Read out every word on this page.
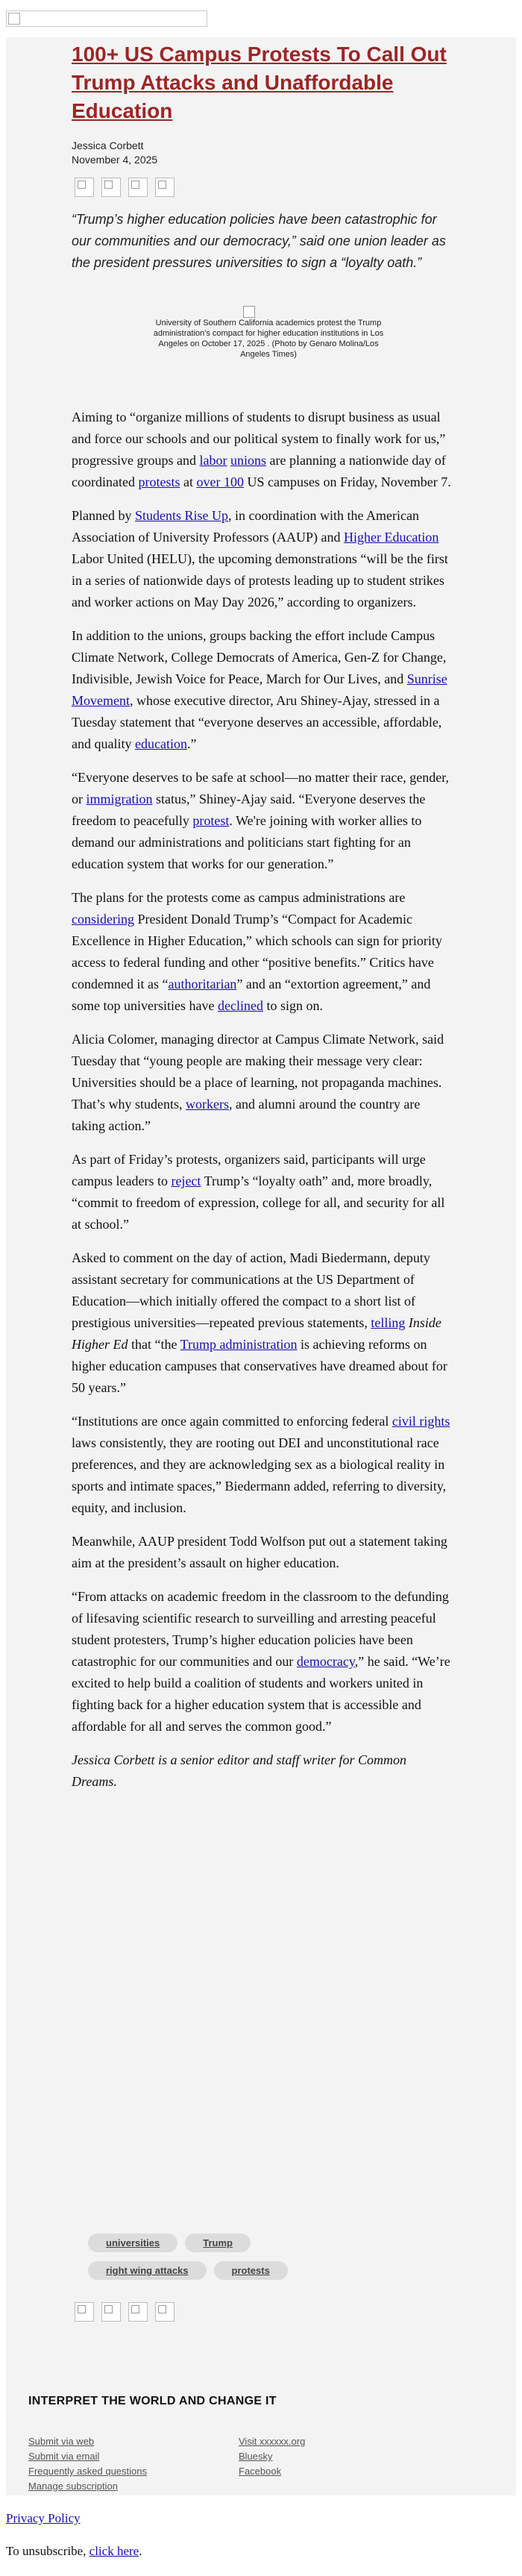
100+ US Campus Protests To Call Out Trump Attacks and Unaffordable Education
Jessica Corbett
November 4, 2025

“Trump’s higher education policies have been catastrophic for our communities and our democracy,” said one union leader as the president pressures universities to sign a “loyalty oath.”

University of Southern California academics protest the Trump administration's compact for higher education institutions in Los Angeles on October 17, 2025 . (Photo by Genaro Molina/Los Angeles Times)

Aiming to “organize millions of students to disrupt business as usual and force our schools and our political system to finally work for us,” progressive groups and labor unions are planning a nationwide day of coordinated protests at over 100 US campuses on Friday, November 7.

Planned by Students Rise Up, in coordination with the American Association of University Professors (AAUP) and Higher Education Labor United (HELU), the upcoming demonstrations “will be the first in a series of nationwide days of protests leading up to student strikes and worker actions on May Day 2026,” according to organizers.

In addition to the unions, groups backing the effort include Campus Climate Network, College Democrats of America, Gen-Z for Change, Indivisible, Jewish Voice for Peace, March for Our Lives, and Sunrise Movement, whose executive director, Aru Shiney-Ajay, stressed in a Tuesday statement that “everyone deserves an accessible, affordable, and quality education.”

“Everyone deserves to be safe at school—no matter their race, gender, or immigration status,” Shiney-Ajay said. “Everyone deserves the freedom to peacefully protest. We're joining with worker allies to demand our administrations and politicians start fighting for an education system that works for our generation.”

The plans for the protests come as campus administrations are considering President Donald Trump’s “Compact for Academic Excellence in Higher Education,” which schools can sign for priority access to federal funding and other “positive benefits.” Critics have condemned it as “authoritarian” and an “extortion agreement,” and some top universities have declined to sign on.

Alicia Colomer, managing director at Campus Climate Network, said Tuesday that “young people are making their message very clear: Universities should be a place of learning, not propaganda machines. That’s why students, workers, and alumni around the country are taking action.”

As part of Friday’s protests, organizers said, participants will urge campus leaders to reject Trump’s “loyalty oath” and, more broadly, “commit to freedom of expression, college for all, and security for all at school.”

Asked to comment on the day of action, Madi Biedermann, deputy assistant secretary for communications at the US Department of Education—which initially offered the compact to a short list of prestigious universities—repeated previous statements, telling Inside Higher Ed that “the Trump administration is achieving reforms on higher education campuses that conservatives have dreamed about for 50 years.”

“Institutions are once again committed to enforcing federal civil rights laws consistently, they are rooting out DEI and unconstitutional race preferences, and they are acknowledging sex as a biological reality in sports and intimate spaces,” Biedermann added, referring to diversity, equity, and inclusion.

Meanwhile, AAUP president Todd Wolfson put out a statement taking aim at the president’s assault on higher education.

“From attacks on academic freedom in the classroom to the defunding of lifesaving scientific research to surveilling and arresting peaceful student protesters, Trump’s higher education policies have been catastrophic for our communities and our democracy,” he said. “We’re excited to help build a coalition of students and workers united in fighting back for a higher education system that is accessible and affordable for all and serves the common good.”

Jessica Corbett is a senior editor and staff writer for Common Dreams.

universities	Trump
right wing attacks	protests
INTERPRET THE WORLD AND CHANGE IT
Submit via web
Submit via email
Frequently asked questions
Manage subscription
Visit xxxxxx.org
Bluesky
Facebook
Privacy Policy
To unsubscribe, click here.
